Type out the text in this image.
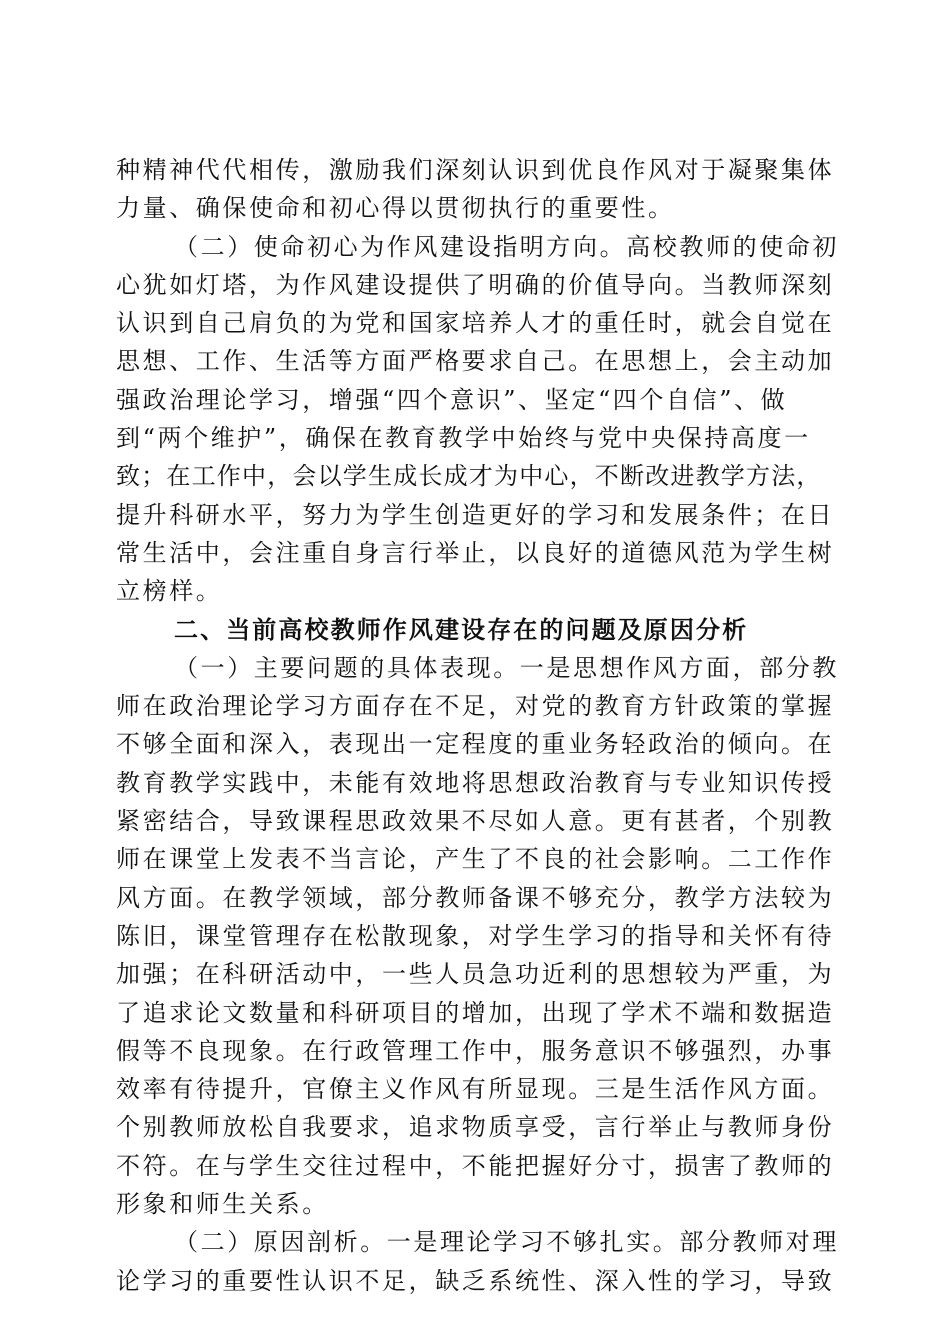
种精神代代相传，激励我们深刻认识到优良作风对于凝聚集体
力量、确保使命和初心得以贯彻执行的重要性。
（二）使命初心为作风建设指明方向。高校教师的使命初
心犹如灯塔，为作风建设提供了明确的价值导向。当教师深刻
认识到自己肩负的为党和国家培养人才的重任时，就会自觉在
思想、工作、生活等方面严格要求自己。在思想上，会主动加
强政治理论学习，增强“四个意识”、坚定“四个自信”、做
到“两个维护”，确保在教育教学中始终与党中央保持高度一
致；在工作中，会以学生成长成才为中心，不断改进教学方法，
提升科研水平，努力为学生创造更好的学习和发展条件；在日
常生活中，会注重自身言行举止，以良好的道德风范为学生树
立榜样。
二、当前高校教师作风建设存在的问题及原因分析
（一）主要问题的具体表现。一是思想作风方面，部分教
师在政治理论学习方面存在不足，对党的教育方针政策的掌握
不够全面和深入，表现出一定程度的重业务轻政治的倾向。在
教育教学实践中，未能有效地将思想政治教育与专业知识传授
紧密结合，导致课程思政效果不尽如人意。更有甚者，个别教
师在课堂上发表不当言论，产生了不良的社会影响。二工作作
风方面。在教学领域，部分教师备课不够充分，教学方法较为
陈旧，课堂管理存在松散现象，对学生学习的指导和关怀有待
加强；在科研活动中，一些人员急功近利的思想较为严重，为
了追求论文数量和科研项目的增加，出现了学术不端和数据造
假等不良现象。在行政管理工作中，服务意识不够强烈，办事
效率有待提升，官僚主义作风有所显现。三是生活作风方面。
个别教师放松自我要求，追求物质享受，言行举止与教师身份
不符。在与学生交往过程中，不能把握好分寸，损害了教师的
形象和师生关系。
（二）原因剖析。一是理论学习不够扎实。部分教师对理
论学习的重要性认识不足，缺乏系统性、深入性的学习，导致
